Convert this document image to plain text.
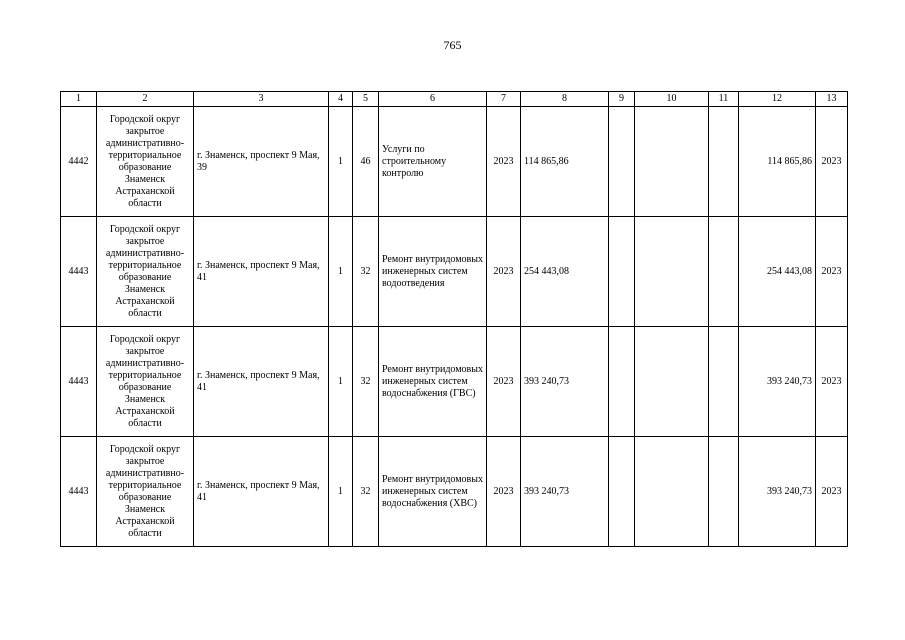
765
1	2	3	4	5	6	7	8	9	10	11	12	13
4442	Городской округ закрытое административно-территориальное образование Знаменск Астраханской области	г. Знаменск, проспект 9 Мая, 39	1	46	Услуги по строительному контролю	2023	114 865,86				114 865,86	2023
4443	Городской округ закрытое административно-территориальное образование Знаменск Астраханской области	г. Знаменск, проспект 9 Мая, 41	1	32	Ремонт внутридомовых инженерных систем водоотведения	2023	254 443,08				254 443,08	2023
4443	Городской округ закрытое административно-территориальное образование Знаменск Астраханской области	г. Знаменск, проспект 9 Мая, 41	1	32	Ремонт внутридомовых инженерных систем водоснабжения (ГВС)	2023	393 240,73				393 240,73	2023
4443	Городской округ закрытое административно-территориальное образование Знаменск Астраханской области	г. Знаменск, проспект 9 Мая, 41	1	32	Ремонт внутридомовых инженерных систем водоснабжения (ХВС)	2023	393 240,73				393 240,73	2023
